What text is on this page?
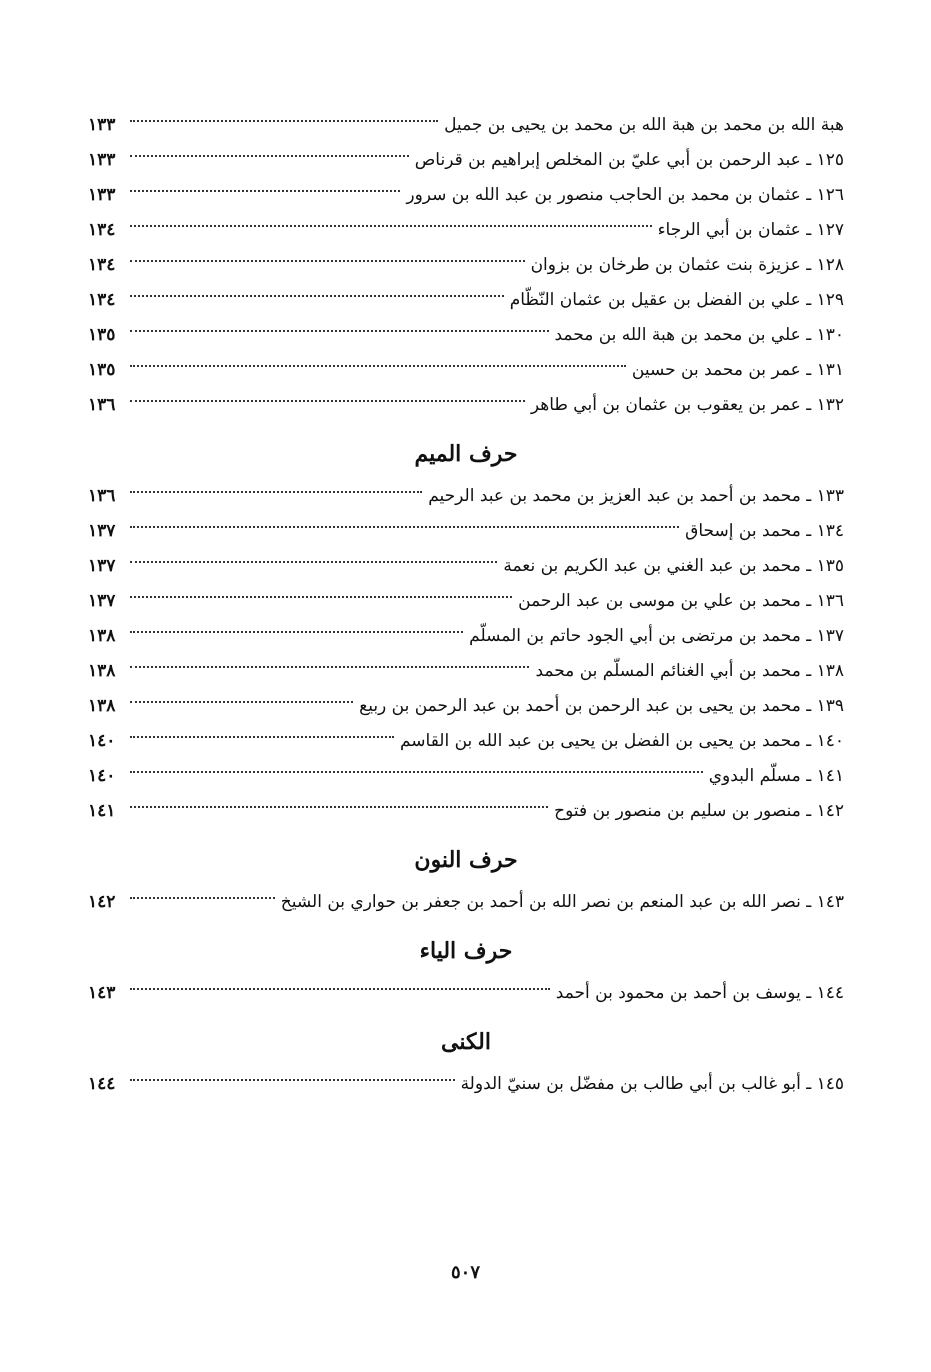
هبة الله بن محمد بن هبة الله بن محمد بن يحيى بن جميل
١٣٣
١٢٥ ـ عبد الرحمن بن أبي عليّ بن المخلص إبراهيم بن قرناص
١٣٣
١٢٦ ـ عثمان بن محمد بن الحاجب منصور بن عبد الله بن سرور
١٣٣
١٢٧ ـ عثمان بن أبي الرجاء
١٣٤
١٢٨ ـ عزيزة بنت عثمان بن طرخان بن بزوان
١٣٤
١٢٩ ـ علي بن الفضل بن عقيل بن عثمان النّظّام
١٣٤
١٣٠ ـ علي بن محمد بن هبة الله بن محمد
١٣٥
١٣١ ـ عمر بن محمد بن حسين
١٣٥
١٣٢ ـ عمر بن يعقوب بن عثمان بن أبي طاهر
١٣٦
حرف الميم
١٣٣ ـ محمد بن أحمد بن عبد العزيز بن محمد بن عبد الرحيم
١٣٦
١٣٤ ـ محمد بن إسحاق
١٣٧
١٣٥ ـ محمد بن عبد الغني بن عبد الكريم بن نعمة
١٣٧
١٣٦ ـ محمد بن علي بن موسى بن عبد الرحمن
١٣٧
١٣٧ ـ محمد بن مرتضى بن أبي الجود حاتم بن المسلّم
١٣٨
١٣٨ ـ محمد بن أبي الغنائم المسلّم بن محمد
١٣٨
١٣٩ ـ محمد بن يحيى بن عبد الرحمن بن أحمد بن عبد الرحمن بن ربيع
١٣٨
١٤٠ ـ محمد بن يحيى بن الفضل بن يحيى بن عبد الله بن القاسم
١٤٠
١٤١ ـ مسلّم البدوي
١٤٠
١٤٢ ـ منصور بن سليم بن منصور بن فتوح
١٤١
حرف النون
١٤٣ ـ نصر الله بن عبد المنعم بن نصر الله بن أحمد بن جعفر بن حواري بن الشيخ
١٤٢
حرف الياء
١٤٤ ـ يوسف بن أحمد بن محمود بن أحمد
١٤٣
الكنى
١٤٥ ـ أبو غالب بن أبي طالب بن مفضّل بن سنيّ الدولة
١٤٤
٥٠٧
